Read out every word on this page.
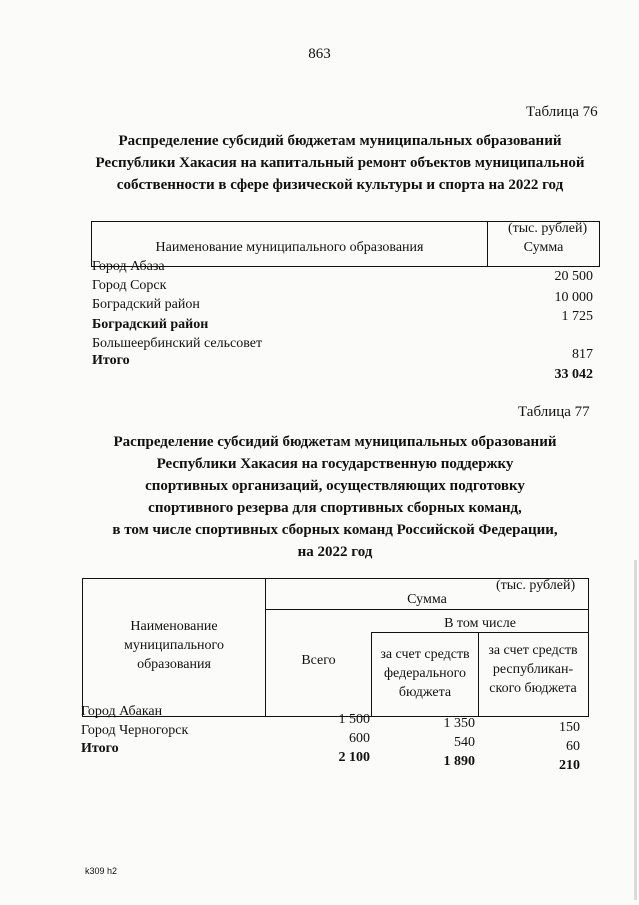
863
Таблица 76
Распределение субсидий бюджетам муниципальных образований
Республики Хакасия на капитальный ремонт объектов муниципальной
собственности в сфере физической культуры и спорта на 2022 год
(тыс. рублей)
Наименование муниципального образования	Сумма
Город Абаза
Город Сорск
Боградский район
Боградский район
Большеербинский сельсовет
Итого
20 500
10 000
1 725
817
33 042
Таблица 77
Распределение субсидий бюджетам муниципальных образований
Республики Хакасия на государственную поддержку
спортивных организаций, осуществляющих подготовку
спортивного резерва для спортивных сборных команд,
в том числе спортивных сборных команд Российской Федерации,
на 2022 год
(тыс. рублей)
Наименование муниципального образования
Сумма
Всего
В том числе
за счет средств федерального бюджета
за счет средств республикан-ского бюджета
Город Абакан
Город Черногорск
Итого
1 500
600
2 100
1 350
540
1 890
150
60
210
k309 h2
